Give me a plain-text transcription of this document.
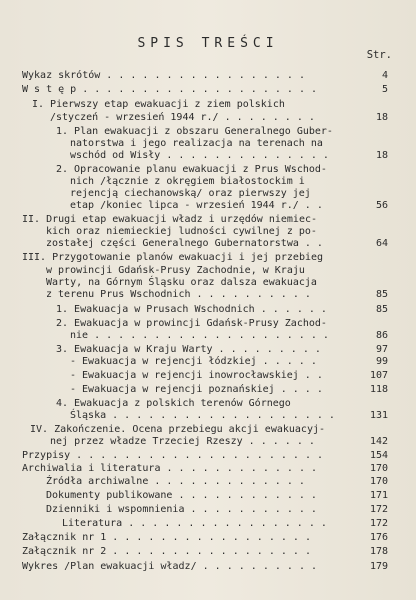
SPIS TREŚCI
Str.
Wykaz skrótów . . . . . . . . . . . . . . . . .	4
W s t ę p . . . . . . . . . . . . . . . . . . . .	5
I. Pierwszy etap ewakuacji z ziem polskich
/styczeń - wrzesień 1944 r./ . . . . . . . .	18
1. Plan ewakuacji z obszaru Generalnego Guber-
natorstwa i jego realizacja na terenach na
wschód od Wisły . . . . . . . . . . . . . .	18
2. Opracowanie planu ewakuacji z Prus Wschod-
nich /łącznie z okręgiem białostockim i
rejencją ciechanowską/ oraz pierwszy jej
etap /koniec lipca - wrzesień 1944 r./ . .	56
II. Drugi etap ewakuacji władz i urzędów niemiec-
kich oraz niemieckiej ludności cywilnej z po-
zostałej części Generalnego Gubernatorstwa . .	64
III. Przygotowanie planów ewakuacji i jej przebieg
w prowincji Gdańsk-Prusy Zachodnie, w Kraju
Warty, na Górnym Śląsku oraz dalsza ewakuacja
z terenu Prus Wschodnich . . . . . . . . . .	85
1. Ewakuacja w Prusach Wschodnich . . . . . .	85
2. Ewakuacja w prowincji Gdańsk-Prusy Zachod-
nie . . . . . . . . . . . . . . . . . . . .	86
3. Ewakuacja w Kraju Warty . . . . . . . . .	97
- Ewakuacja w rejencji łódzkiej . . . . .	99
- Ewakuacja w rejencji inowrocławskiej . .	107
- Ewakuacja w rejencji poznańskiej . . . .	118
4. Ewakuacja z polskich terenów Górnego
Śląska . . . . . . . . . . . . . . . . . . .	131
IV. Zakończenie. Ocena przebiegu akcji ewakuacyj-
nej przez władze Trzeciej Rzeszy . . . . . .	142
Przypisy . . . . . . . . . . . . . . . . . . . . .	154
Archiwalia i literatura . . . . . . . . . . . . .	170
Źródła archiwalne . . . . . . . . . . . . .	170
Dokumenty publikowane . . . . . . . . . . . .	171
Dzienniki i wspomnienia . . . . . . . . . . .	172
Literatura . . . . . . . . . . . . . . . . .	172
Załącznik nr 1 . . . . . . . . . . . . . . . . .	176
Załącznik nr 2 . . . . . . . . . . . . . . . . .	178
Wykres /Plan ewakuacji władz/ . . . . . . . . . .	179
